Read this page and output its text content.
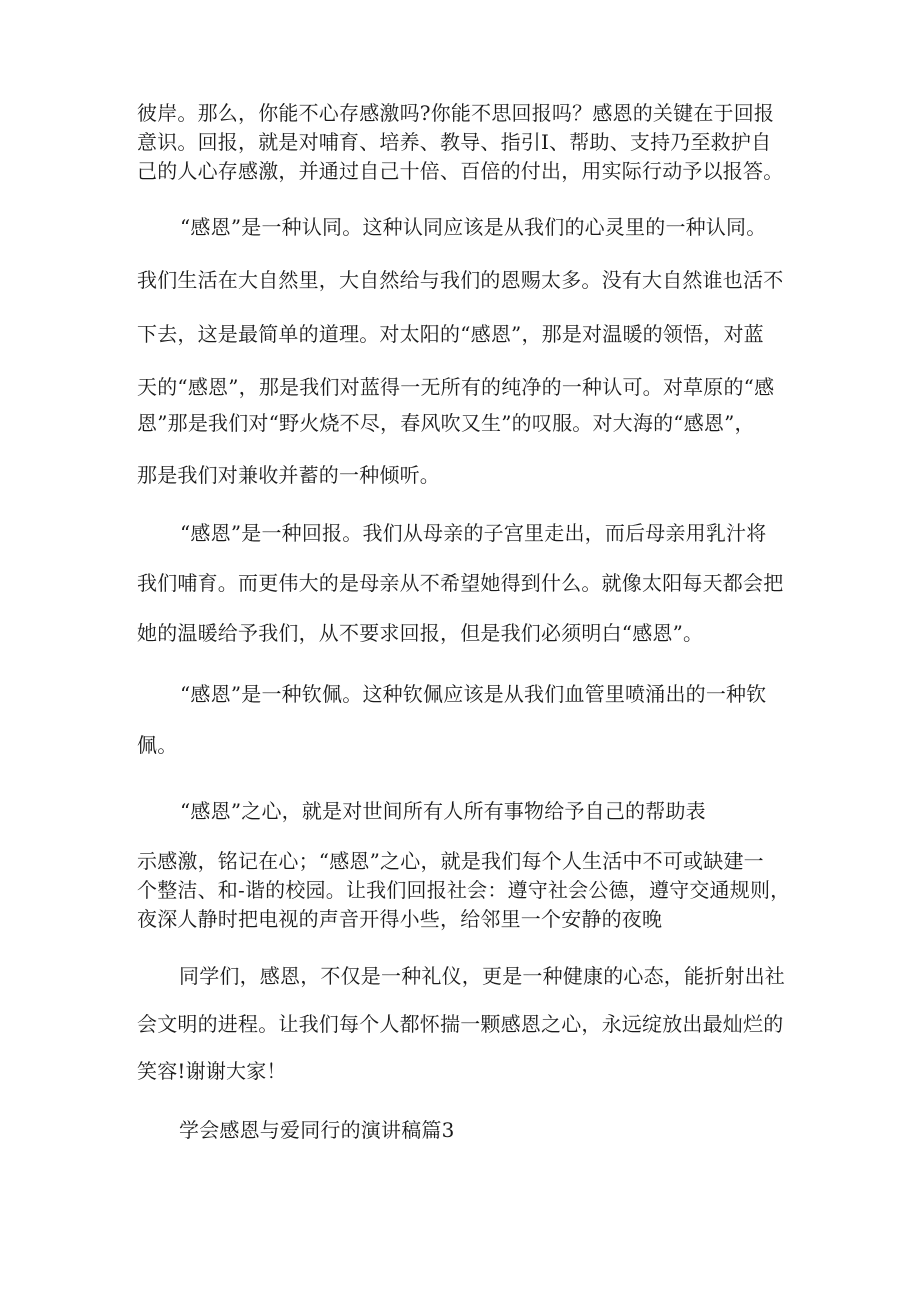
彼岸。那么，你能不心存感激吗?你能不思回报吗？感恩的关键在于回报
意识。回报，就是对哺育、培养、教导、指引I、帮助、支持乃至救护自
己的人心存感激，并通过自己十倍、百倍的付出，用实际行动予以报答。
“感恩”是一种认同。这种认同应该是从我们的心灵里的一种认同。
我们生活在大自然里，大自然给与我们的恩赐太多。没有大自然谁也活不
下去，这是最简单的道理。对太阳的“感恩”，那是对温暖的领悟，对蓝
天的“感恩”，那是我们对蓝得一无所有的纯净的一种认可。对草原的“感
恩”那是我们对“野火烧不尽，春风吹又生”的叹服。对大海的“感恩”，
那是我们对兼收并蓄的一种倾听。
“感恩”是一种回报。我们从母亲的子宫里走出，而后母亲用乳汁将
我们哺育。而更伟大的是母亲从不希望她得到什么。就像太阳每天都会把
她的温暖给予我们，从不要求回报，但是我们必须明白“感恩”。
“感恩”是一种钦佩。这种钦佩应该是从我们血管里喷涌出的一种钦
佩。
“感恩”之心，就是对世间所有人所有事物给予自己的帮助表
示感激，铭记在心；“感恩”之心，就是我们每个人生活中不可或缺建一
个整洁、和-谐的校园。让我们回报社会：遵守社会公德，遵守交通规则，
夜深人静时把电视的声音开得小些，给邻里一个安静的夜晚
同学们，感恩，不仅是一种礼仪，更是一种健康的心态，能折射出社
会文明的进程。让我们每个人都怀揣一颗感恩之心，永远绽放出最灿烂的
笑容!谢谢大家！
学会感恩与爱同行的演讲稿篇3
